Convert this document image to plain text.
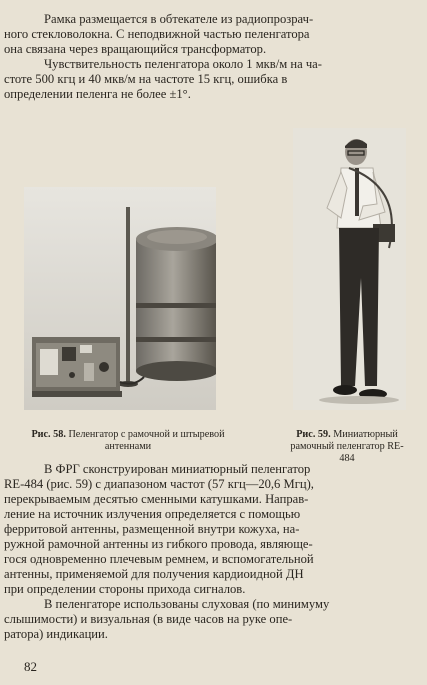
Рамка размещается в обтекателе из радиопрозрач-
ного стекловолокна. С неподвижной частью пеленгатора
она связана через вращающийся трансформатор.

Чувствительность пеленгатора около 1 мкв/м на ча-
стоте 500 кгц и 40 мкв/м на частоте 15 кгц, ошибка в
определении пеленга не более ±1°.

Рис. 58. Пеленгатор с рамочной и штыревой антеннами
Рис. 59. Миниатюрный рамочный пеленгатор RE-484

В ФРГ сконструирован миниатюрный пеленгатор
RE-484 (рис. 59) с диапазоном частот (57 кгц—20,6 Мгц),
перекрываемым десятью сменными катушками. Направ-
ление на источник излучения определяется с помощью
ферритовой антенны, размещенной внутри кожуха, на-
ружной рамочной антенны из гибкого провода, являюще-
гося одновременно плечевым ремнем, и вспомогательной
антенны, применяемой для получения кардиоидной ДН
при определении стороны прихода сигналов.

В пеленгаторе использованы слуховая (по минимуму
слышимости) и визуальная (в виде часов на руке опе-
ратора) индикации.

82
